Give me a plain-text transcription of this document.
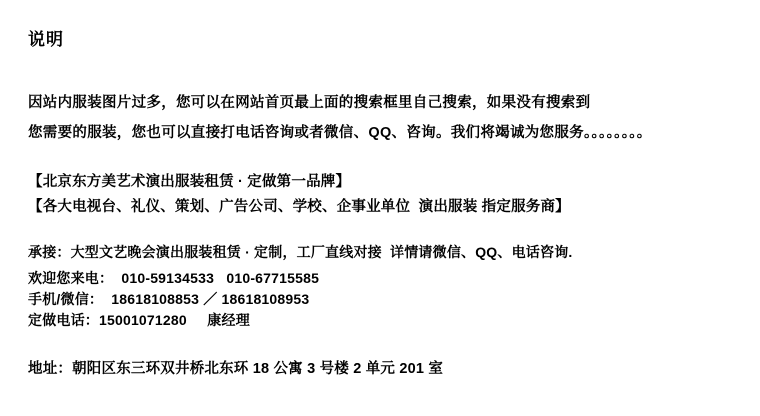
说明
因站内服装图片过多，您可以在网站首页最上面的搜索框里自己搜索，如果没有搜索到
您需要的服装，您也可以直接打电话咨询或者微信、QQ、咨询。我们将竭诚为您服务。。。。。。。。
【北京东方美艺术演出服装租赁 · 定做第一品牌】
【各大电视台、礼仪、策划、广告公司、学校、企事业单位  演出服装 指定服务商】
承接：大型文艺晚会演出服装租赁 · 定制，工厂直线对接  详情请微信、QQ、电话咨询.
欢迎您来电：  010-59134533   010-67715585
手机/微信：  18618108853 ／ 18618108953
定做电话：15001071280     康经理
地址：朝阳区东三环双井桥北东环 18 公寓 3 号楼 2 单元 201 室
